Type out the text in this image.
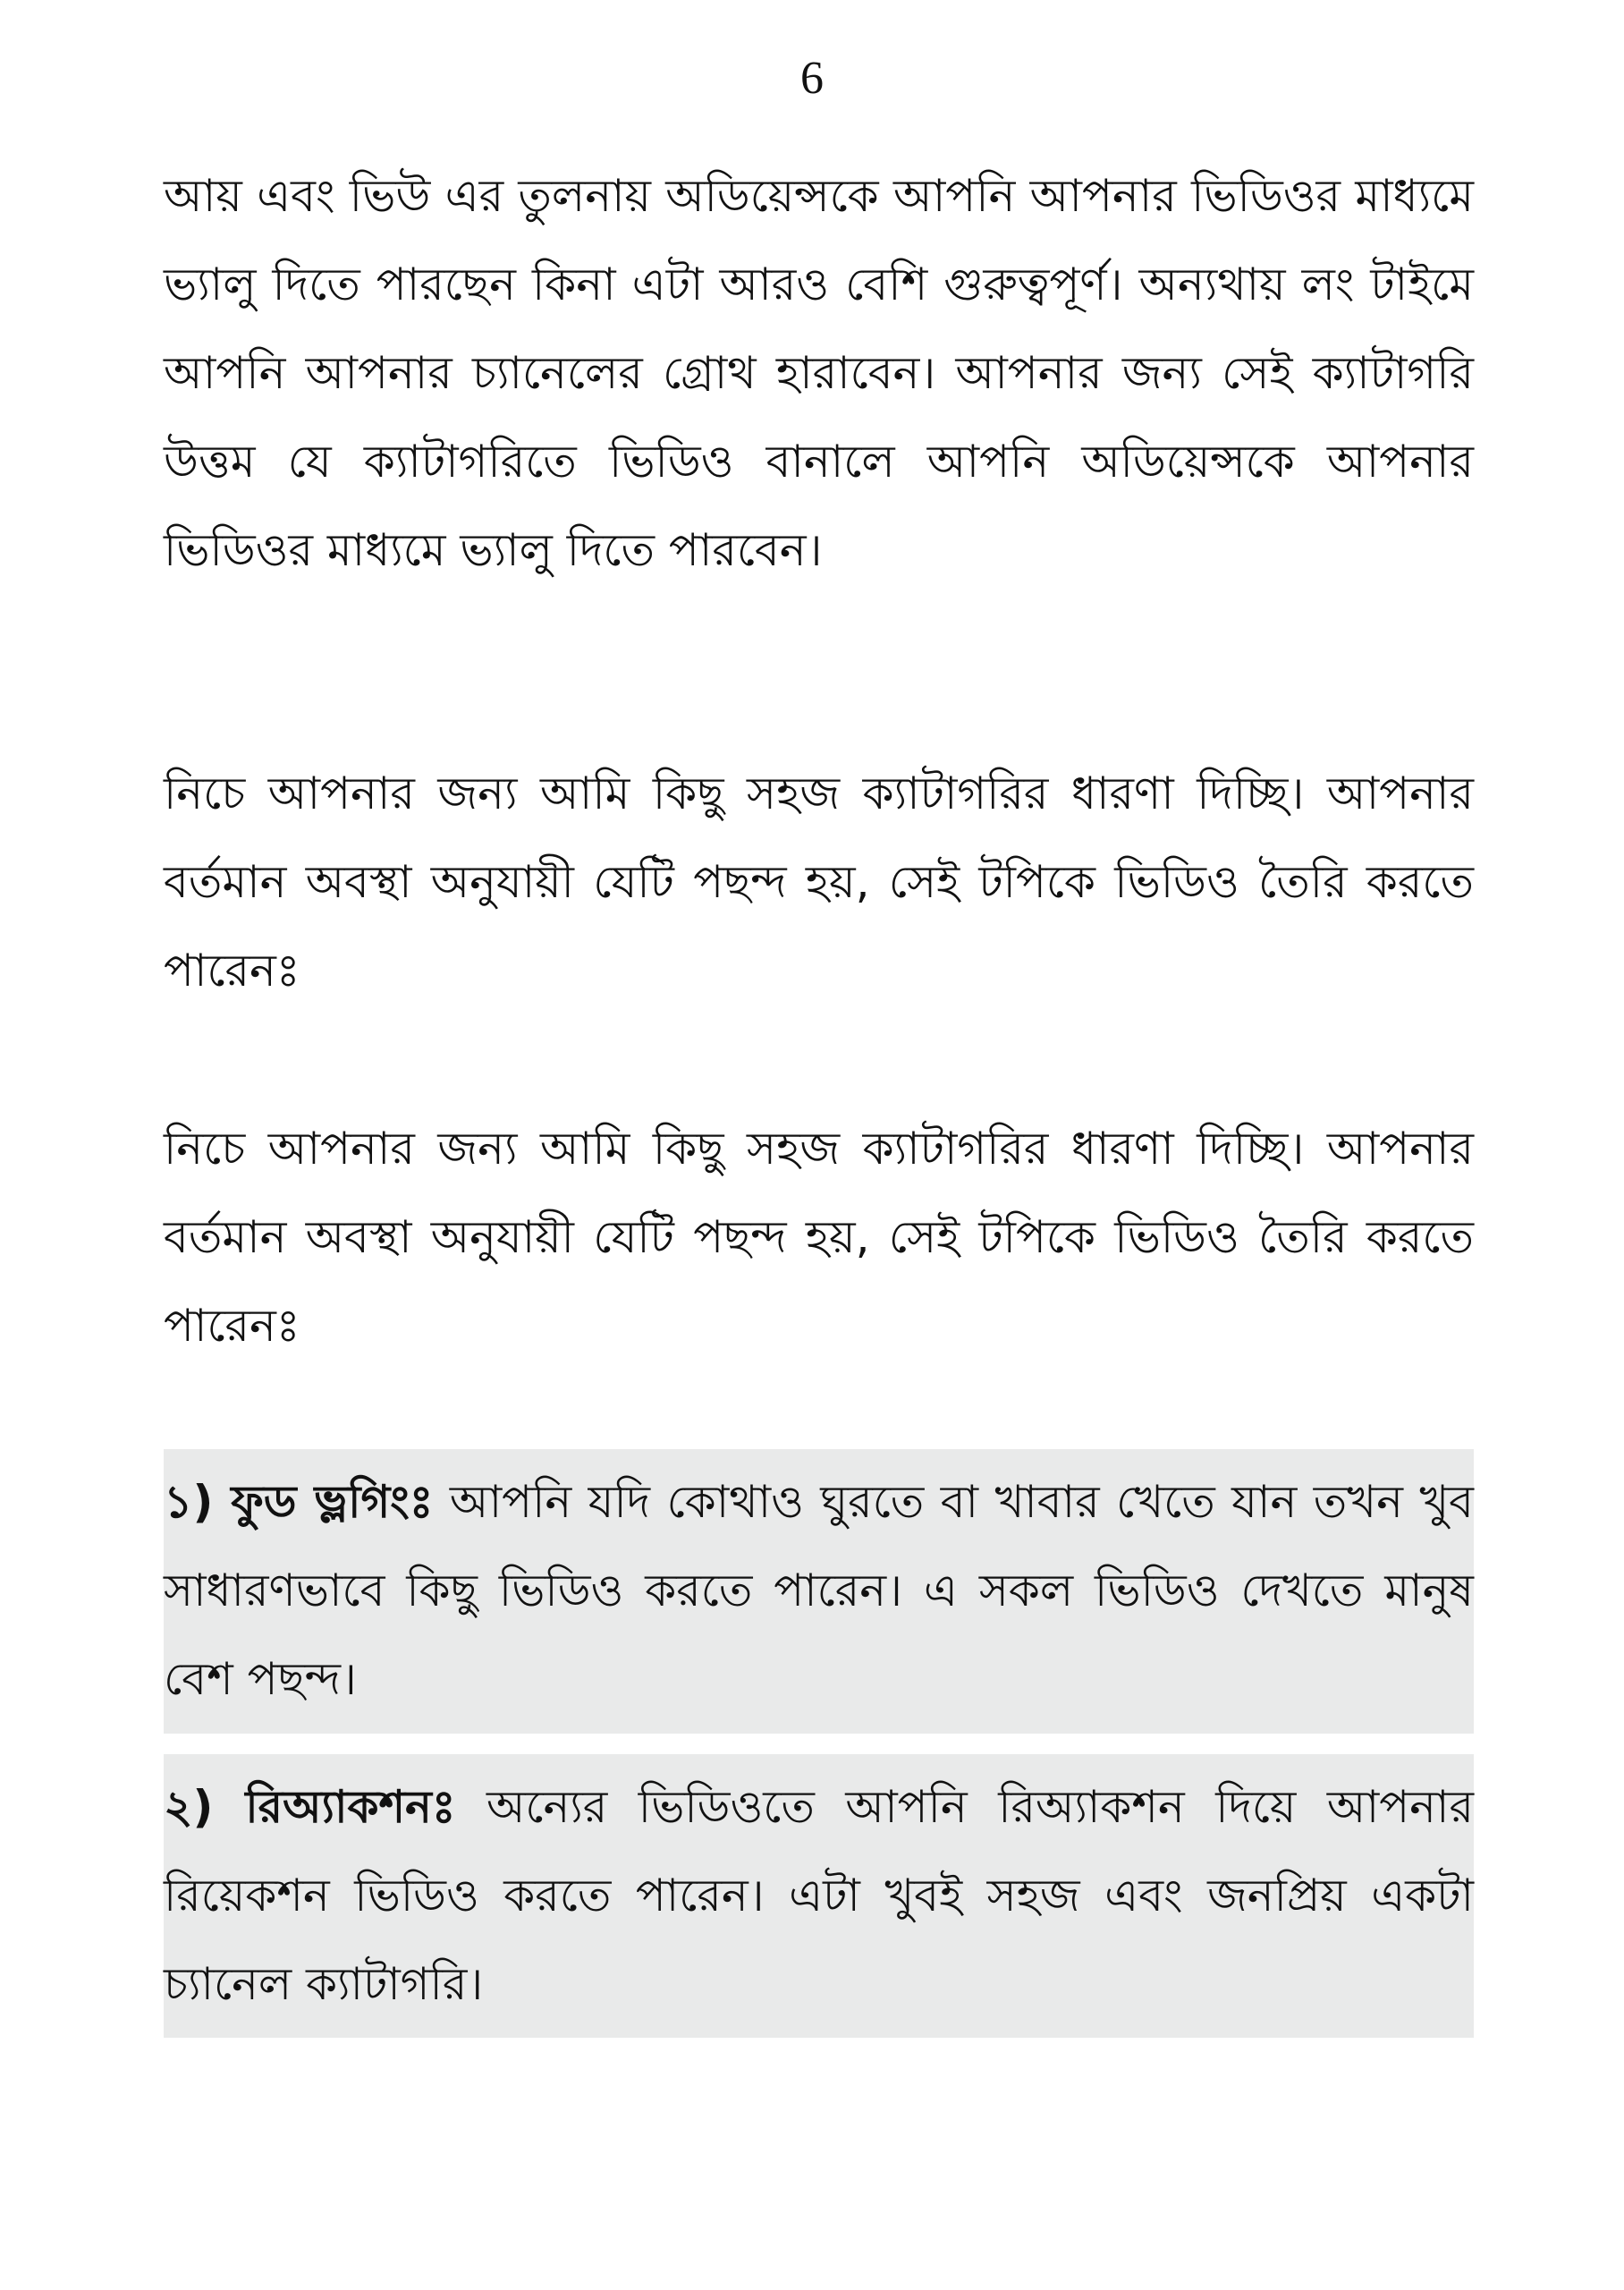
6

আয় এবং ভিউ এর তুলনায় অডিয়েন্সকে আপনি আপনার ভিডিওর মাধ্যমে ভ্যালু দিতে পারছেন কিনা এটা আরও বেশি গুরুত্বপূর্ণ। অন্যথায় লং টাইমে আপনি আপনার চ্যানেলের গ্রোথ হারাবেন। আপনার জন্য সেই ক্যাটাগরি উত্তম যে ক্যাটাগরিতে ভিডিও বানালে আপনি অডিয়েন্সকে আপনার ভিডিওর মাধ্যমে ভ্যালু দিতে পারবেন।

নিচে আপনার জন্য আমি কিছু সহজ ক্যাটাগরির ধারণা দিচ্ছি। আপনার বর্তমান অবস্থা অনুযায়ী যেটি পছন্দ হয়, সেই টপিকে ভিডিও তৈরি করতে পারেনঃ

নিচে আপনার জন্য আমি কিছু সহজ ক্যাটাগরির ধারণা দিচ্ছি। আপনার বর্তমান অবস্থা অনুযায়ী যেটি পছন্দ হয়, সেই টপিকে ভিডিও তৈরি করতে পারেনঃ

১) ফুড ভ্লগিংঃ আপনি যদি কোথাও ঘুরতে বা খাবার খেতে যান তখন খুব সাধারণভাবে কিছু ভিডিও করতে পারেন। এ সকল ভিডিও দেখতে মানুষ বেশ পছন্দ।

২) রিঅ্যাকশনঃ অন্যের ভিডিওতে আপনি রিঅ্যাকশন দিয়ে আপনার রিয়েকশন ভিডিও করতে পারেন। এটা খুবই সহজ এবং জনপ্রিয় একটা চ্যানেল ক্যাটাগরি।
